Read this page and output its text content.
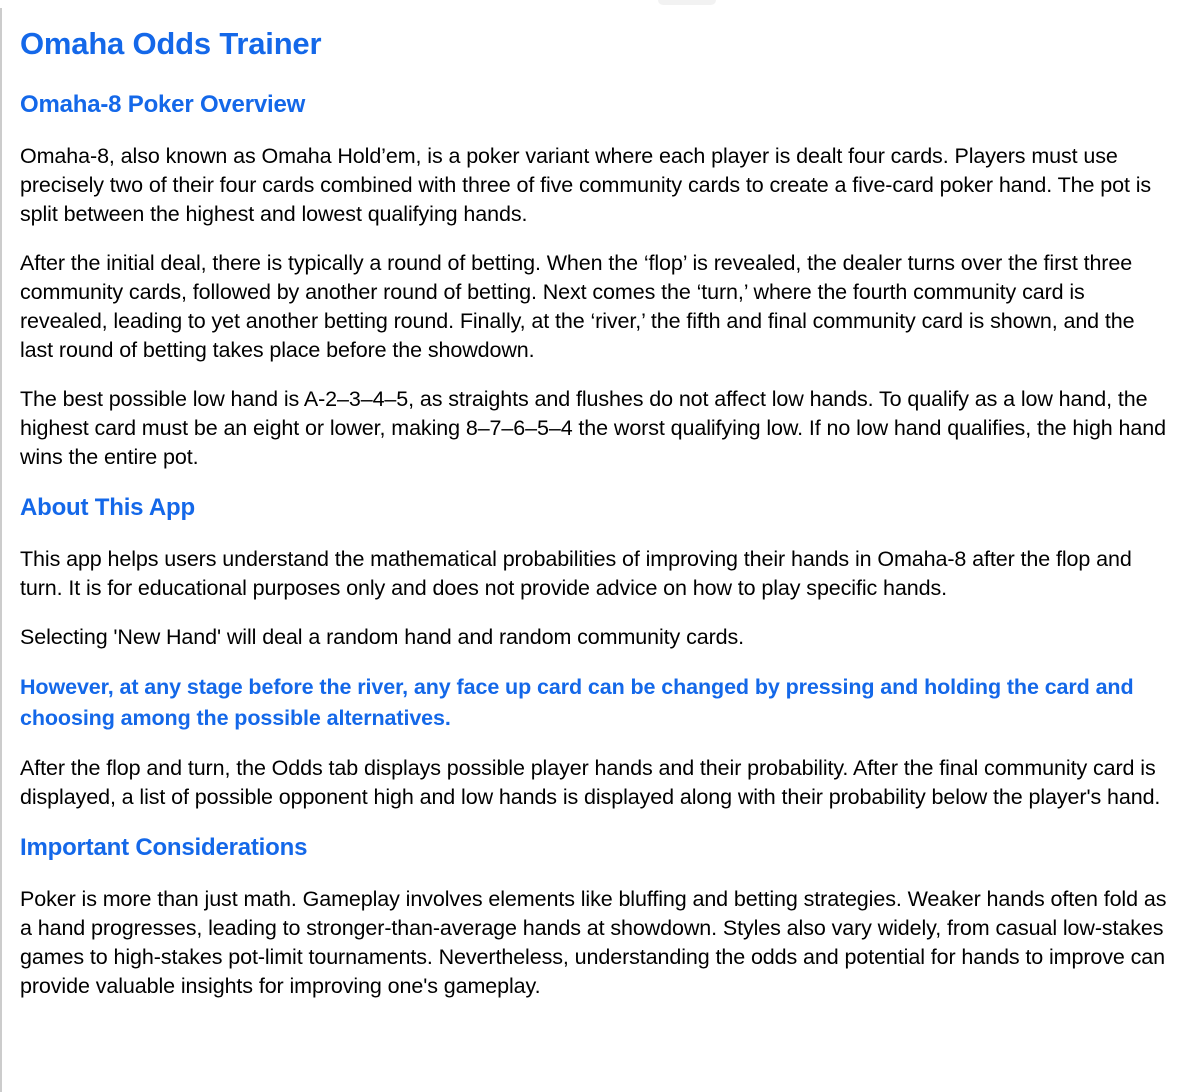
Omaha Odds Trainer
Omaha-8 Poker Overview

Omaha-8, also known as Omaha Hold’em, is a poker variant where each player is dealt four cards. Players must use precisely two of their four cards combined with three of five community cards to create a five-card poker hand. The pot is split between the highest and lowest qualifying hands.

After the initial deal, there is typically a round of betting. When the ‘flop’ is revealed, the dealer turns over the first three community cards, followed by another round of betting. Next comes the ‘turn,’ where the fourth community card is revealed, leading to yet another betting round. Finally, at the ‘river,’ the fifth and final community card is shown, and the last round of betting takes place before the showdown.

The best possible low hand is A-2–3–4–5, as straights and flushes do not affect low hands. To qualify as a low hand, the highest card must be an eight or lower, making 8–7–6–5–4 the worst qualifying low. If no low hand qualifies, the high hand wins the entire pot.

About This App

This app helps users understand the mathematical probabilities of improving their hands in Omaha-8 after the flop and turn. It is for educational purposes only and does not provide advice on how to play specific hands.

Selecting 'New Hand' will deal a random hand and random community cards.

However, at any stage before the river, any face up card can be changed by pressing and holding the card and choosing among the possible alternatives.

After the flop and turn, the Odds tab displays possible player hands and their probability. After the final community card is displayed, a list of possible opponent high and low hands is displayed along with their probability below the player's hand.

Important Considerations

Poker is more than just math. Gameplay involves elements like bluffing and betting strategies. Weaker hands often fold as a hand progresses, leading to stronger-than-average hands at showdown. Styles also vary widely, from casual low-stakes games to high-stakes pot-limit tournaments. Nevertheless, understanding the odds and potential for hands to improve can provide valuable insights for improving one's gameplay.
